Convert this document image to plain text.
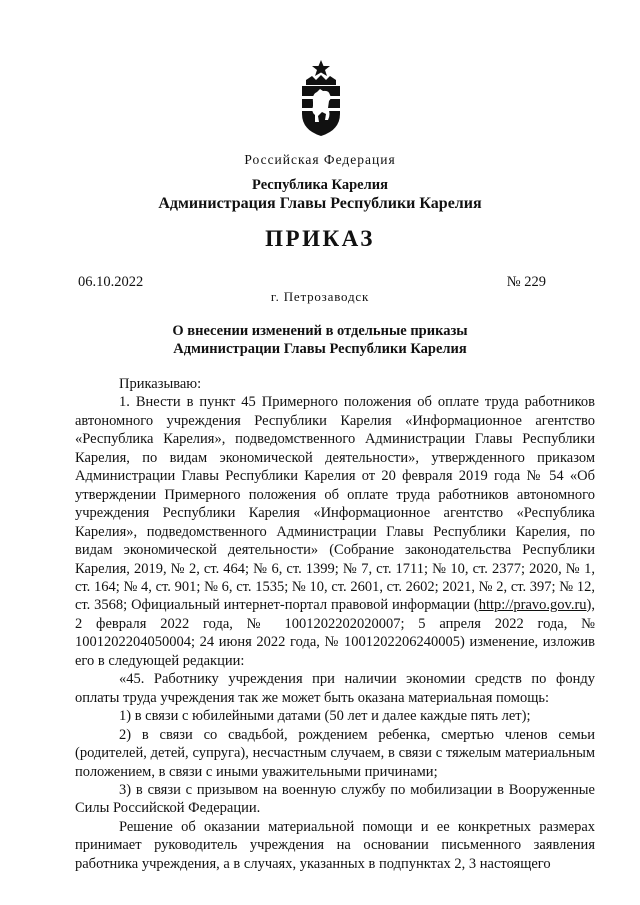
Российская Федерация
Республика Карелия
Администрация Главы Республики Карелия
ПРИКАЗ
06.10.2022	№ 229
г. Петрозаводск
О внесении изменений в отдельные приказы
Администрации Главы Республики Карелия

Приказываю:

1. Внести в пункт 45 Примерного положения об оплате труда работников автономного учреждения Республики Карелия «Информационное агентство «Республика Карелия», подведомственного Администрации Главы Республики Карелия, по видам экономической деятельности», утвержденного приказом Администрации Главы Республики Карелия от 20 февраля 2019 года № 54 «Об утверждении Примерного положения об оплате труда работников автономного учреждения Республики Карелия «Информационное агентство «Республика Карелия», подведомственного Администрации Главы Республики Карелия, по видам экономической деятельности» (Собрание законодательства Республики Карелия, 2019, № 2, ст. 464; № 6, ст. 1399; № 7, ст. 1711; № 10, ст. 2377; 2020, № 1, ст. 164; № 4, ст. 901; № 6, ст. 1535; № 10, ст. 2601, ст. 2602; 2021, № 2, ст. 397; № 12, ст. 3568; Официальный интернет-портал правовой информации (http://pravo.gov.ru), 2 февраля 2022 года, № 1001202202020007; 5 апреля 2022 года, № 1001202204050004; 24 июня 2022 года, № 1001202206240005) изменение, изложив его в следующей редакции:

«45. Работнику учреждения при наличии экономии средств по фонду оплаты труда учреждения так же может быть оказана материальная помощь:

1) в связи с юбилейными датами (50 лет и далее каждые пять лет);

2) в связи со свадьбой, рождением ребенка, смертью членов семьи (родителей, детей, супруга), несчастным случаем, в связи с тяжелым материальным положением, в связи с иными уважительными причинами;

3) в связи с призывом на военную службу по мобилизации в Вооруженные Силы Российской Федерации.

Решение об оказании материальной помощи и ее конкретных размерах принимает руководитель учреждения на основании письменного заявления работника учреждения, а в случаях, указанных в подпунктах 2, 3 настоящего
